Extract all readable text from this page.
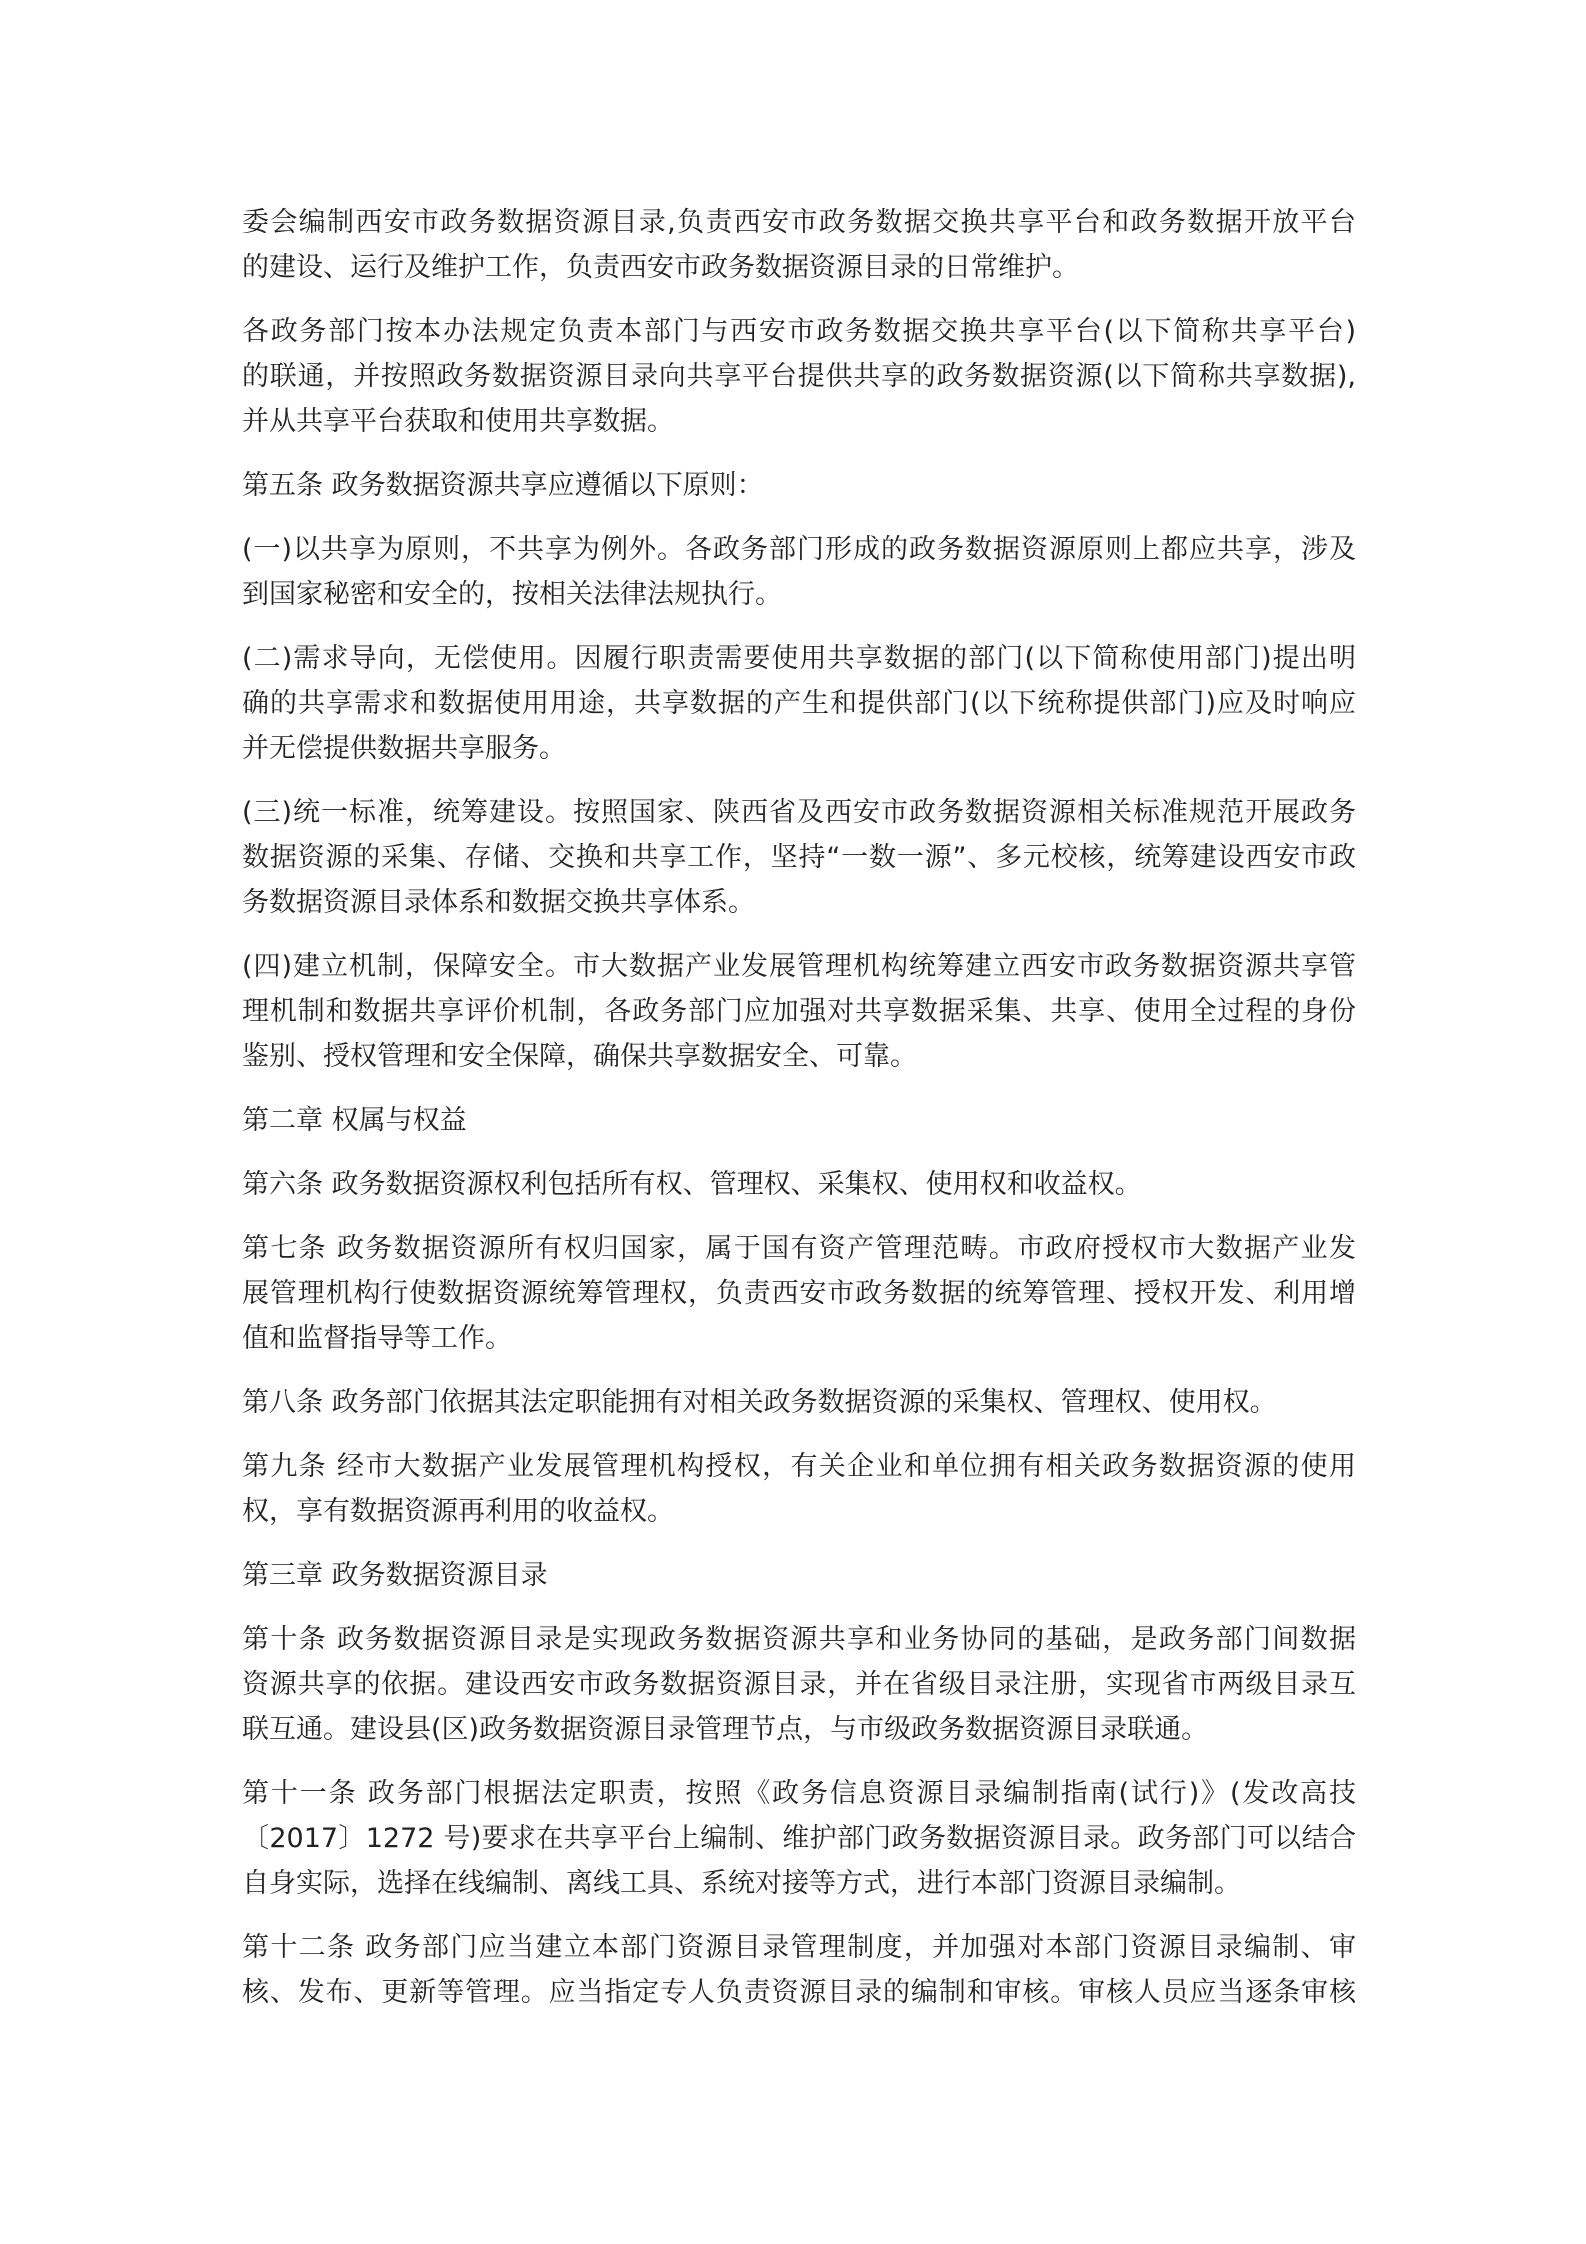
委会编制西安市政务数据资源目录,负责西安市政务数据交换共享平台和政务数据开放平台
的建设、运行及维护工作，负责西安市政务数据资源目录的日常维护。
各政务部门按本办法规定负责本部门与西安市政务数据交换共享平台(以下简称共享平台)
的联通，并按照政务数据资源目录向共享平台提供共享的政务数据资源(以下简称共享数据),
并从共享平台获取和使用共享数据。
第五条 政务数据资源共享应遵循以下原则：
(一)以共享为原则，不共享为例外。各政务部门形成的政务数据资源原则上都应共享，涉及
到国家秘密和安全的，按相关法律法规执行。
(二)需求导向，无偿使用。因履行职责需要使用共享数据的部门(以下简称使用部门)提出明
确的共享需求和数据使用用途，共享数据的产生和提供部门(以下统称提供部门)应及时响应
并无偿提供数据共享服务。
(三)统一标准，统筹建设。按照国家、陕西省及西安市政务数据资源相关标准规范开展政务
数据资源的采集、存储、交换和共享工作，坚持“一数一源”、多元校核，统筹建设西安市政
务数据资源目录体系和数据交换共享体系。
(四)建立机制，保障安全。市大数据产业发展管理机构统筹建立西安市政务数据资源共享管
理机制和数据共享评价机制，各政务部门应加强对共享数据采集、共享、使用全过程的身份
鉴别、授权管理和安全保障，确保共享数据安全、可靠。
第二章 权属与权益
第六条 政务数据资源权利包括所有权、管理权、采集权、使用权和收益权。
第七条 政务数据资源所有权归国家，属于国有资产管理范畴。市政府授权市大数据产业发
展管理机构行使数据资源统筹管理权，负责西安市政务数据的统筹管理、授权开发、利用增
值和监督指导等工作。
第八条 政务部门依据其法定职能拥有对相关政务数据资源的采集权、管理权、使用权。
第九条 经市大数据产业发展管理机构授权，有关企业和单位拥有相关政务数据资源的使用
权，享有数据资源再利用的收益权。
第三章 政务数据资源目录
第十条 政务数据资源目录是实现政务数据资源共享和业务协同的基础，是政务部门间数据
资源共享的依据。建设西安市政务数据资源目录，并在省级目录注册，实现省市两级目录互
联互通。建设县(区)政务数据资源目录管理节点，与市级政务数据资源目录联通。
第十一条 政务部门根据法定职责，按照《政务信息资源目录编制指南(试行)》(发改高技
〔2017〕1272 号)要求在共享平台上编制、维护部门政务数据资源目录。政务部门可以结合
自身实际，选择在线编制、离线工具、系统对接等方式，进行本部门资源目录编制。
第十二条 政务部门应当建立本部门资源目录管理制度，并加强对本部门资源目录编制、审
核、发布、更新等管理。应当指定专人负责资源目录的编制和审核。审核人员应当逐条审核
